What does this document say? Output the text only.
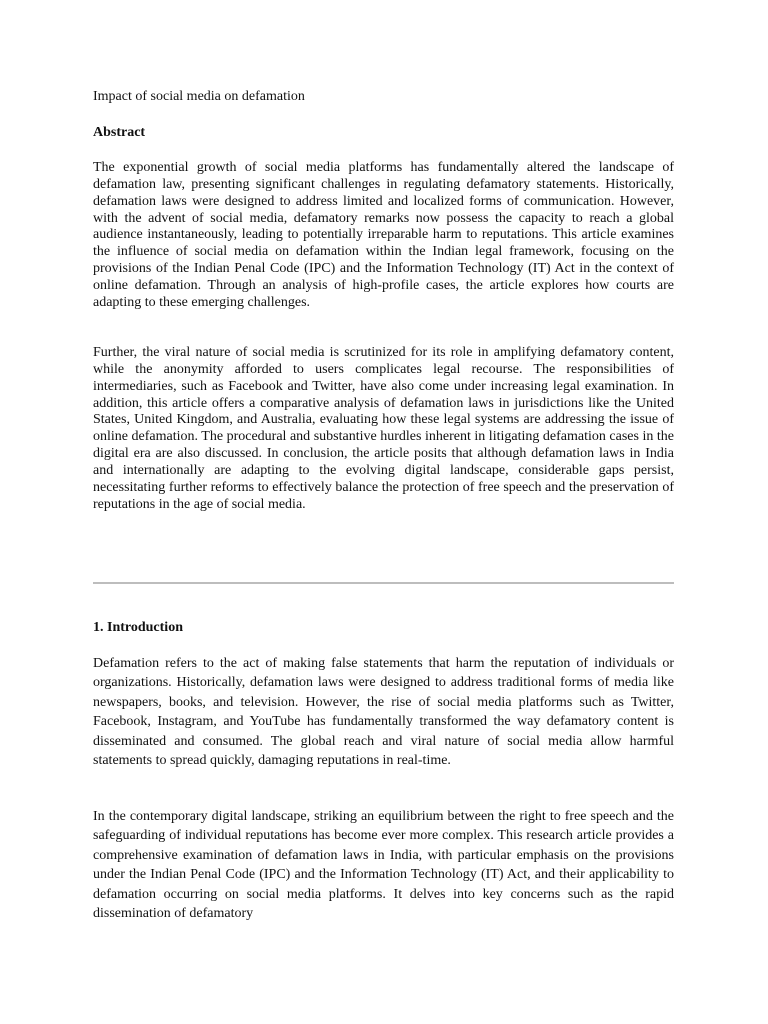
Impact of social media on defamation
Abstract

The exponential growth of social media platforms has fundamentally altered the landscape of defamation law, presenting significant challenges in regulating defamatory statements. Historically, defamation laws were designed to address limited and localized forms of communication. However, with the advent of social media, defamatory remarks now possess the capacity to reach a global audience instantaneously, leading to potentially irreparable harm to reputations. This article examines the influence of social media on defamation within the Indian legal framework, focusing on the provisions of the Indian Penal Code (IPC) and the Information Technology (IT) Act in the context of online defamation. Through an analysis of high-profile cases, the article explores how courts are adapting to these emerging challenges.

Further, the viral nature of social media is scrutinized for its role in amplifying defamatory content, while the anonymity afforded to users complicates legal recourse. The responsibilities of intermediaries, such as Facebook and Twitter, have also come under increasing legal examination. In addition, this article offers a comparative analysis of defamation laws in jurisdictions like the United States, United Kingdom, and Australia, evaluating how these legal systems are addressing the issue of online defamation. The procedural and substantive hurdles inherent in litigating defamation cases in the digital era are also discussed. In conclusion, the article posits that although defamation laws in India and internationally are adapting to the evolving digital landscape, considerable gaps persist, necessitating further reforms to effectively balance the protection of free speech and the preservation of reputations in the age of social media.

1. Introduction

Defamation refers to the act of making false statements that harm the reputation of individuals or organizations. Historically, defamation laws were designed to address traditional forms of media like newspapers, books, and television. However, the rise of social media platforms such as Twitter, Facebook, Instagram, and YouTube has fundamentally transformed the way defamatory content is disseminated and consumed. The global reach and viral nature of social media allow harmful statements to spread quickly, damaging reputations in real-time.

In the contemporary digital landscape, striking an equilibrium between the right to free speech and the safeguarding of individual reputations has become ever more complex. This research article provides a comprehensive examination of defamation laws in India, with particular emphasis on the provisions under the Indian Penal Code (IPC) and the Information Technology (IT) Act, and their applicability to defamation occurring on social media platforms. It delves into key concerns such as the rapid dissemination of defamatory
